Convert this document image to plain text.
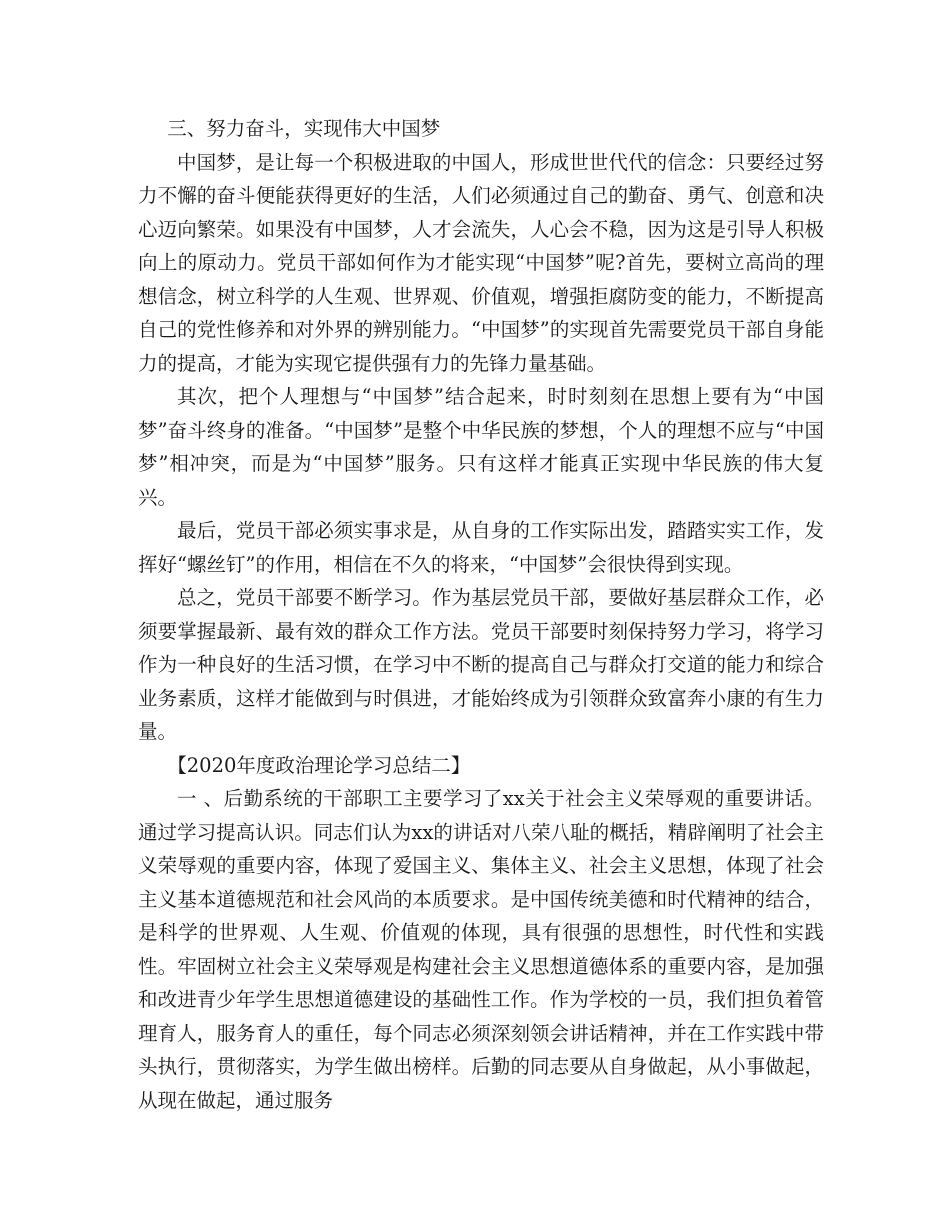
三、努力奋斗，实现伟大中国梦

中国梦，是让每一个积极进取的中国人，形成世世代代的信念：只要经过努力不懈的奋斗便能获得更好的生活，人们必须通过自己的勤奋、勇气、创意和决心迈向繁荣。如果没有中国梦，人才会流失，人心会不稳，因为这是引导人积极向上的原动力。党员干部如何作为才能实现“中国梦”呢?首先，要树立高尚的理想信念，树立科学的人生观、世界观、价值观，增强拒腐防变的能力，不断提高自己的党性修养和对外界的辨别能力。“中国梦”的实现首先需要党员干部自身能力的提高，才能为实现它提供强有力的先锋力量基础。

其次，把个人理想与“中国梦”结合起来，时时刻刻在思想上要有为“中国梦”奋斗终身的准备。“中国梦”是整个中华民族的梦想，个人的理想不应与“中国梦”相冲突，而是为“中国梦”服务。只有这样才能真正实现中华民族的伟大复兴。

最后，党员干部必须实事求是，从自身的工作实际出发，踏踏实实工作，发挥好“螺丝钉”的作用，相信在不久的将来，“中国梦”会很快得到实现。

总之，党员干部要不断学习。作为基层党员干部，要做好基层群众工作，必须要掌握最新、最有效的群众工作方法。党员干部要时刻保持努力学习，将学习作为一种良好的生活习惯，在学习中不断的提高自己与群众打交道的能力和综合业务素质，这样才能做到与时俱进，才能始终成为引领群众致富奔小康的有生力量。

【2020年度政治理论学习总结二】

一 、后勤系统的干部职工主要学习了xx关于社会主义荣辱观的重要讲话。通过学习提高认识。同志们认为xx的讲话对八荣八耻的概括，精辟阐明了社会主义荣辱观的重要内容，体现了爱国主义、集体主义、社会主义思想，体现了社会主义基本道德规范和社会风尚的本质要求。是中国传统美德和时代精神的结合，是科学的世界观、人生观、价值观的体现，具有很强的思想性，时代性和实践性。牢固树立社会主义荣辱观是构建社会主义思想道德体系的重要内容，是加强和改进青少年学生思想道德建设的基础性工作。作为学校的一员，我们担负着管理育人，服务育人的重任，每个同志必须深刻领会讲话精神，并在工作实践中带头执行，贯彻落实，为学生做出榜样。后勤的同志要从自身做起，从小事做起，从现在做起，通过服务
